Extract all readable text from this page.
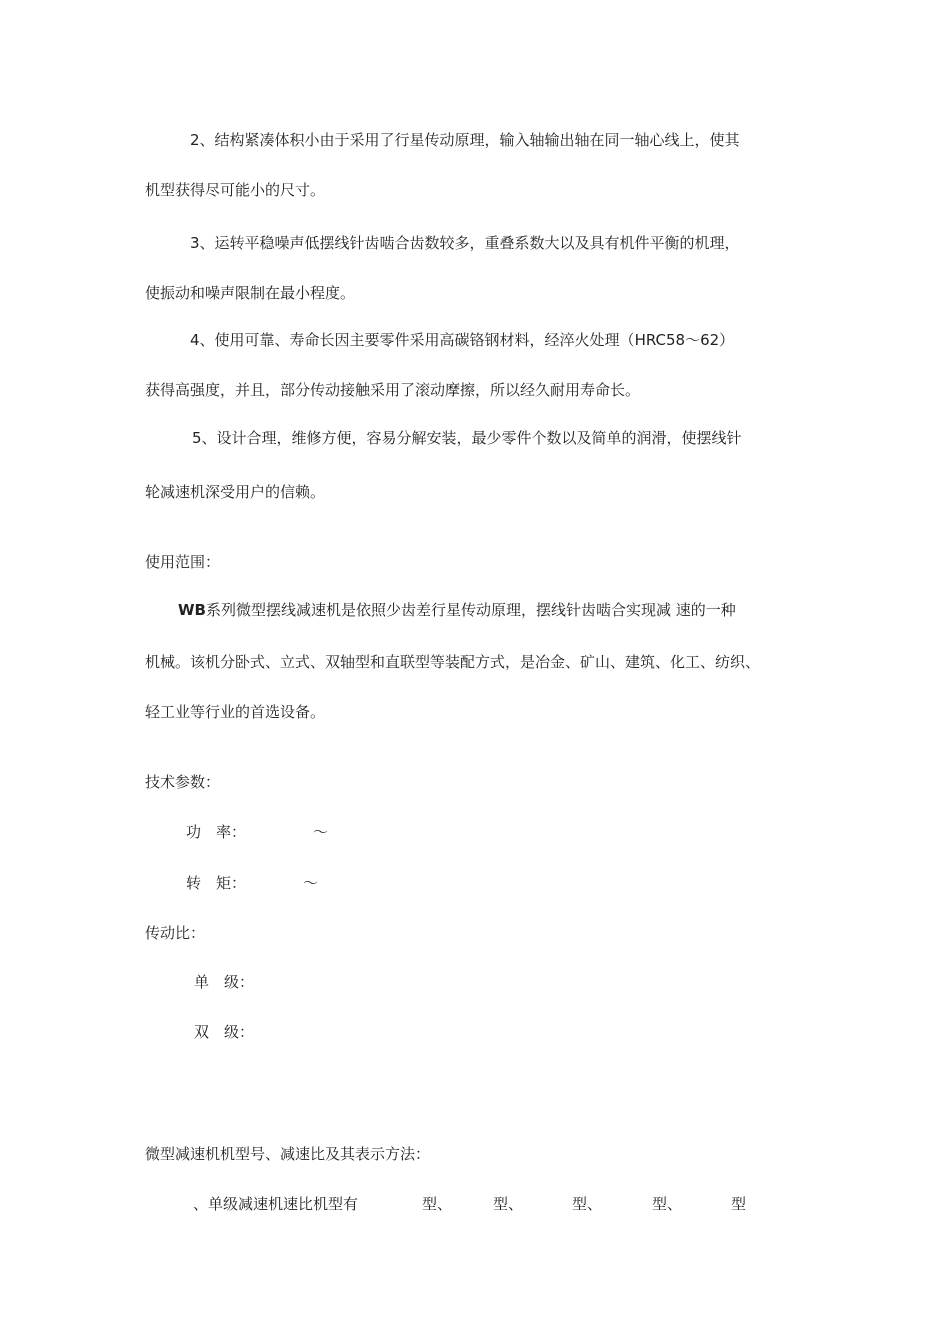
2、结构紧凑体积小由于采用了行星传动原理，输入轴输出轴在同一轴心线上，使其
机型获得尽可能小的尺寸。
3、运转平稳噪声低摆线针齿啮合齿数较多，重叠系数大以及具有机件平衡的机理，
使振动和噪声限制在最小程度。
4、使用可靠、寿命长因主要零件采用高碳铬钢材料，经淬火处理（HRC58～62）
获得高强度，并且，部分传动接触采用了滚动摩擦，所以经久耐用寿命长。
5、设计合理，维修方便，容易分解安装，最少零件个数以及简单的润滑，使摆线针
轮减速机深受用户的信赖。
使用范围：
WB系列微型摆线减速机是依照少齿差行星传动原理，摆线针齿啮合实现减 速的一种
机械。该机分卧式、立式、双轴型和直联型等装配方式，是冶金、矿山、建筑、化工、纺织、
轻工业等行业的首选设备。
技术参数：
功　率：	～
转　矩：	～
传动比：
单　级：
双　级：
微型减速机机型号、减速比及其表示方法：
、单级减速机速比机型有	型、	型、	型、	型、	型
